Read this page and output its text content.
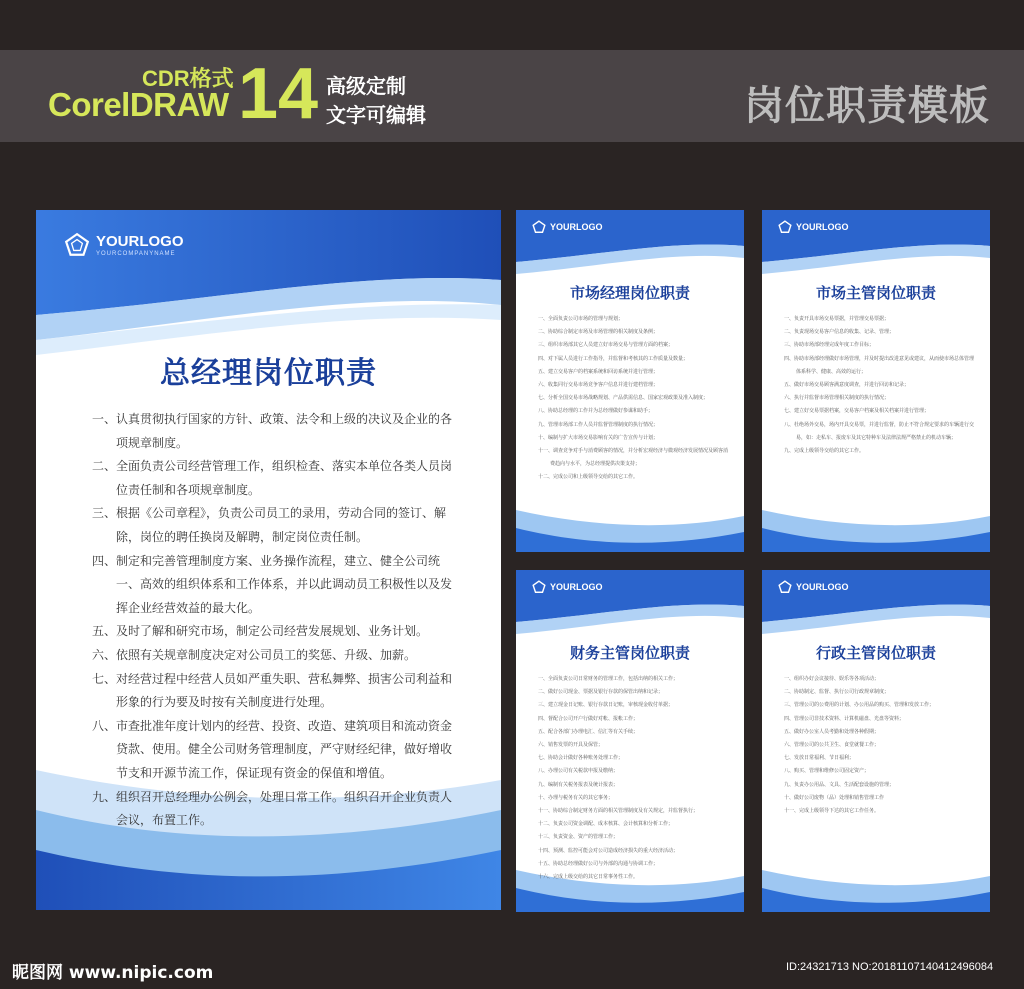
CDR格式
CorelDRAW 14 高级定制
文字可编辑	岗位职责模板
YOURLOGO
YOURCOMPANYNAME
总经理岗位职责
一、认真贯彻执行国家的方针、政策、法令和上级的决议及企业的各项规章制度。
二、全面负责公司经营管理工作，组织检查、落实本单位各类人员岗位责任制和各项规章制度。
三、根据《公司章程》，负责公司员工的录用，劳动合同的签订、解除，岗位的聘任换岗及解聘，制定岗位责任制。
四、制定和完善管理制度方案、业务操作流程，建立、健全公司统一、高效的组织体系和工作体系，并以此调动员工积极性以及发挥企业经营效益的最大化。
五、及时了解和研究市场，制定公司经营发展规划、业务计划。
六、依照有关规章制度决定对公司员工的奖惩、升级、加薪。
七、对经营过程中经营人员如严重失职、营私舞弊、损害公司利益和形象的行为要及时按有关制度进行处理。
八、市查批准年度计划内的经营、投资、改造、建筑项目和流动资金贷款、使用。健全公司财务管理制度，严守财经纪律，做好增收节支和开源节流工作，保证现有资金的保值和增值。
九、组织召开总经理办公例会，处理日常工作。组织召开企业负责人会议，布置工作。
YOURLOGO
市场经理岗位职责
一、全面负责公司市场的管理与规划；
二、协助综合制定市场及市场管理的相关制度及条例；
三、组织市场部其它人员建立好市场交易与管理方面的档案；
四、对下属人员进行工作指导，并监督和考核其的工作质量及数量；
五、建立交易客户的档案系统和回访系统并进行管理；
六、收集同行交易市场竞争客户信息并进行建档管理；
七、分析全国交易市场战略规划、产品供需信息、国家宏观政策及准入制度；
八、协助总经理的工作并为总经理做好参谋和助手；
九、管理市场部工作人员并监督管理制度的执行情况；
十、编制与扩大市场交易影响有关的广告宣传与计划；
十一、调查竞争对手与消费顾客的情况，并分析宏观经济与微观经济发展情况及顾客消费趋向与水平，为总经理提供决策支持；
十二、完成公司和上级领导交给的其它工作。
YOURLOGO
市场主管岗位职责
一、负责开具市场交易票据，并管理交易票据；
二、负责现场交易客户信息的收集、记录、管理；
三、协助市场部经理完成年度工作目标；
四、协助市场部经理做好市场管理，并及时提出改进意见或建议，从而使市场总体管理体系科学、健康、高效的运行；
五、做好市场交易顾客满意度调查，并进行回访和记录；
六、执行并监督市场管理相关制度的执行情况；
七、建立好交易票据档案，交易客户档案及相关档案并进行管理；
八、杜绝场外交易，场内开具交易票，并进行监督，防止不符合规定要求的车辆进行交易，如：走私车、报废车及其它特种车及法律法规严格禁止的机动车辆；
九、完成上级领导交给的其它工作。
YOURLOGO
财务主管岗位职责
一、全面负责公司日常财务的管理工作，包括出纳的相关工作；
二、做好公司现金、票据及银行存款的保管出纳和记录；
三、建立现金日记账、银行存款日记账，审核现金收付单据；
四、督配合公司开户行做好对帐、报帐工作；
五、配合各部门办理电汇、信汇等有关手续；
六、销售发票的开具及保管；
七、协助会计做好各种账务处理工作；
八、办理公司有关税款申报及缴纳；
九、编制有关税务报表及统计报表；
十、办理与税务有关的其它事务；
十一、协助综合制定财务方面的相关管理制度及有关规定，并监督执行；
十二、负责公司资金调配、成本核算、会计核算和分析工作；
十三、负责资金、资产的管理工作；
十四、预测、监控可能会对公司造成经济损失的重大经济活动；
十五、协助总经理做好公司与外部的沟通与协调工作；
十六、完成上级交给的其它日常事务性工作。
YOURLOGO
行政主管岗位职责
一、组织办好会议接待、娱乐等各项活动；
二、协助制定、监督、执行公司行政规章制度；
三、管理公司的公费用的计划、办公用品的购买、管理和发放工作；
四、管理公司非技术资料、计算机磁盘、光盘等资料；
五、做好办公室人员考勤和处理各种假期；
六、管理公司的公共卫生、食堂就餐工作；
七、发放日常福利、节日福利；
八、购买、管理和维修公司固定资产；
九、负责办公用品、文具、生活配套设施的管理；
十、做好公司废物（品）处理和销售管理工作
十一、完成上级领导下达的其它工作任务。
昵图网 www.nipic.com	ID:24321713 NO:20181107140412496084
